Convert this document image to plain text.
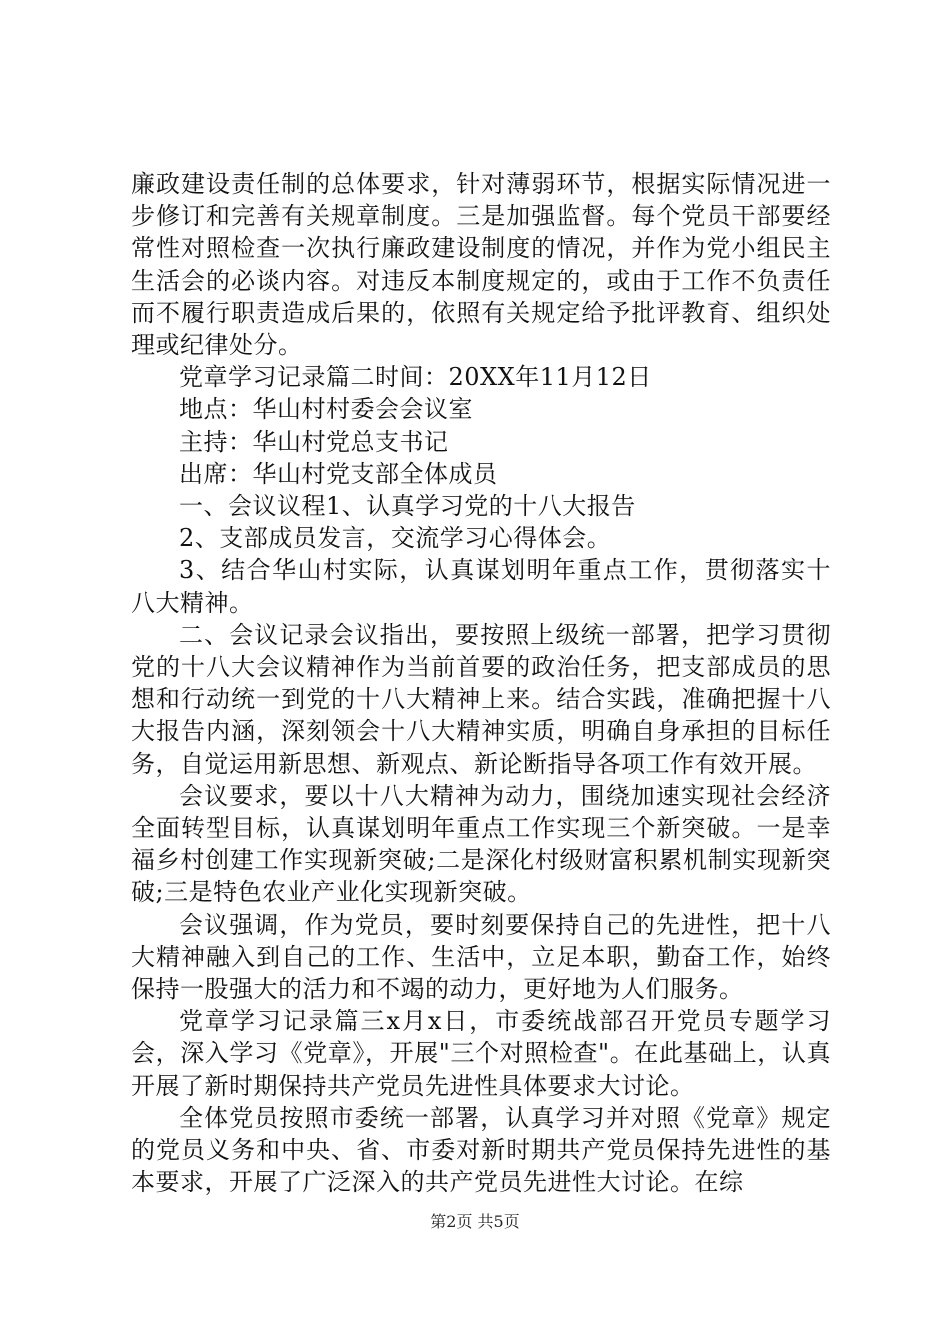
廉政建设责任制的总体要求，针对薄弱环节，根据实际情况进一步修订和完善有关规章制度。三是加强监督。每个党员干部要经常性对照检查一次执行廉政建设制度的情况，并作为党小组民主生活会的必谈内容。对违反本制度规定的，或由于工作不负责任而不履行职责造成后果的，依照有关规定给予批评教育、组织处理或纪律处分。

党章学习记录篇二时间：20XX年11月12日

地点：华山村村委会会议室

主持：华山村党总支书记

出席：华山村党支部全体成员

一、会议议程1、认真学习党的十八大报告

2、支部成员发言，交流学习心得体会。

3、结合华山村实际，认真谋划明年重点工作，贯彻落实十八大精神。

二、会议记录会议指出，要按照上级统一部署，把学习贯彻党的十八大会议精神作为当前首要的政治任务，把支部成员的思想和行动统一到党的十八大精神上来。结合实践，准确把握十八大报告内涵，深刻领会十八大精神实质，明确自身承担的目标任务，自觉运用新思想、新观点、新论断指导各项工作有效开展。

会议要求，要以十八大精神为动力，围绕加速实现社会经济全面转型目标，认真谋划明年重点工作实现三个新突破。一是幸福乡村创建工作实现新突破;二是深化村级财富积累机制实现新突破;三是特色农业产业化实现新突破。

会议强调，作为党员，要时刻要保持自己的先进性，把十八大精神融入到自己的工作、生活中，立足本职，勤奋工作，始终保持一股强大的活力和不竭的动力，更好地为人们服务。

党章学习记录篇三x月x日，市委统战部召开党员专题学习会，深入学习《党章》，开展"三个对照检查"。在此基础上，认真开展了新时期保持共产党员先进性具体要求大讨论。

全体党员按照市委统一部署，认真学习并对照《党章》规定的党员义务和中央、省、市委对新时期共产党员保持先进性的基本要求，开展了广泛深入的共产党员先进性大讨论。在综

第2页 共5页
